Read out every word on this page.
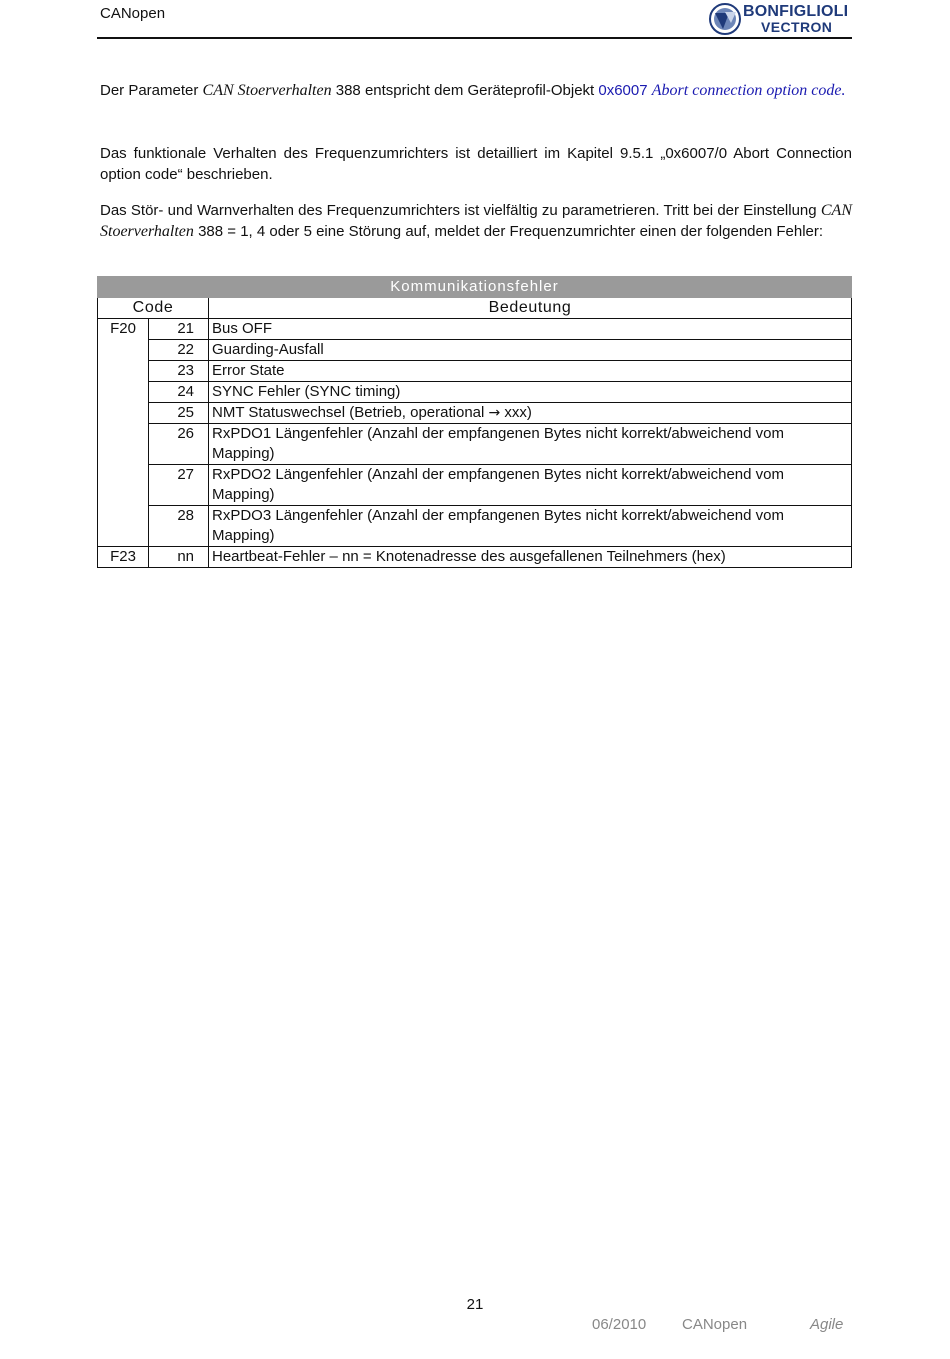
CANopen	BONFIGLIOLI
VECTRON

Der Parameter CAN Stoerverhalten 388 entspricht dem Geräteprofil-Objekt 0x6007 Abort connection option code.

Das funktionale Verhalten des Frequenzumrichters ist detailliert im Kapitel 9.5.1 „0x6007/0 Abort Connection option code“ beschrieben.

Das Stör- und Warnverhalten des Frequenzumrichters ist vielfältig zu parametrieren. Tritt bei der Einstellung CAN Stoerverhalten 388 = 1, 4 oder 5 eine Störung auf, meldet der Frequenzumrichter einen der folgenden Fehler:

Kommunikationsfehler		
Code		Bedeutung
F20	21	Bus OFF
	22	Guarding-Ausfall
	23	Error State
	24	SYNC Fehler (SYNC timing)
	25	NMT Statuswechsel (Betrieb, operational → xxx)
	26	RxPDO1 Längenfehler (Anzahl der empfangenen Bytes nicht korrekt/abweichend vom Mapping)
	27	RxPDO2 Längenfehler (Anzahl der empfangenen Bytes nicht korrekt/abweichend vom Mapping)
	28	RxPDO3 Längenfehler (Anzahl der empfangenen Bytes nicht korrekt/abweichend vom Mapping)
F23	nn	Heartbeat-Fehler – nn = Knotenadresse des ausgefallenen Teilnehmers (hex)
21
06/2010 CANopen	Agile
